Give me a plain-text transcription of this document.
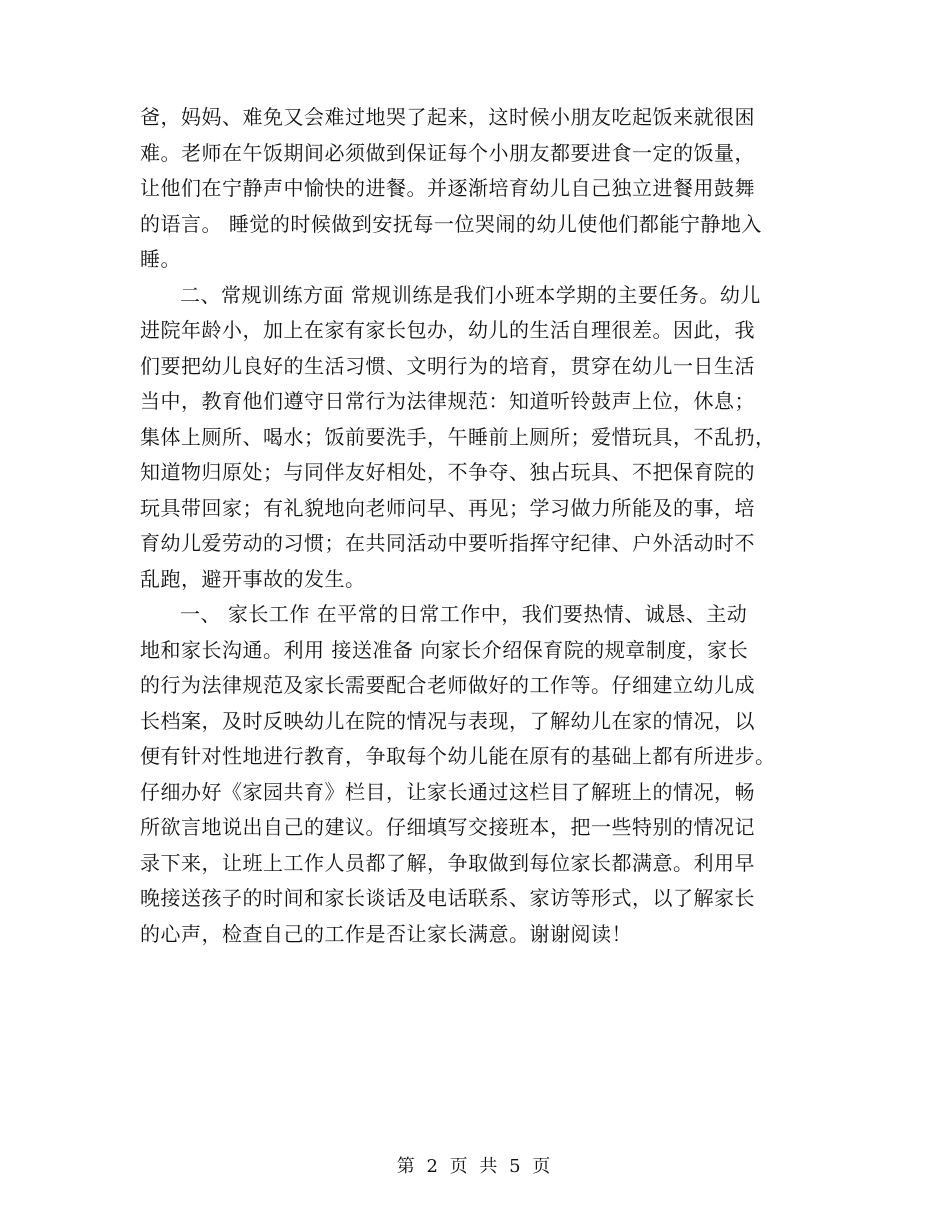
爸，妈妈、难免又会难过地哭了起来，这时候小朋友吃起饭来就很困
难。老师在午饭期间必须做到保证每个小朋友都要进食一定的饭量，
让他们在宁静声中愉快的进餐。并逐渐培育幼儿自己独立进餐用鼓舞
的语言。 睡觉的时候做到安抚每一位哭闹的幼儿使他们都能宁静地入
睡。
二、常规训练方面 常规训练是我们小班本学期的主要任务。幼儿
进院年龄小，加上在家有家长包办，幼儿的生活自理很差。因此，我
们要把幼儿良好的生活习惯、文明行为的培育，贯穿在幼儿一日生活
当中，教育他们遵守日常行为法律规范：知道听铃鼓声上位，休息；
集体上厕所、喝水；饭前要洗手，午睡前上厕所；爱惜玩具，不乱扔，
知道物归原处；与同伴友好相处，不争夺、独占玩具、不把保育院的
玩具带回家；有礼貌地向老师问早、再见；学习做力所能及的事，培
育幼儿爱劳动的习惯；在共同活动中要听指挥守纪律、户外活动时不
乱跑，避开事故的发生。
一、 家长工作 在平常的日常工作中，我们要热情、诚恳、主动
地和家长沟通。利用 接送准备 向家长介绍保育院的规章制度，家长
的行为法律规范及家长需要配合老师做好的工作等。仔细建立幼儿成
长档案，及时反映幼儿在院的情况与表现，了解幼儿在家的情况，以
便有针对性地进行教育，争取每个幼儿能在原有的基础上都有所进步。
仔细办好《家园共育》栏目，让家长通过这栏目了解班上的情况，畅
所欲言地说出自己的建议。仔细填写交接班本，把一些特别的情况记
录下来，让班上工作人员都了解，争取做到每位家长都满意。利用早
晚接送孩子的时间和家长谈话及电话联系、家访等形式，以了解家长
的心声，检查自己的工作是否让家长满意。谢谢阅读！
第 2 页 共 5 页
